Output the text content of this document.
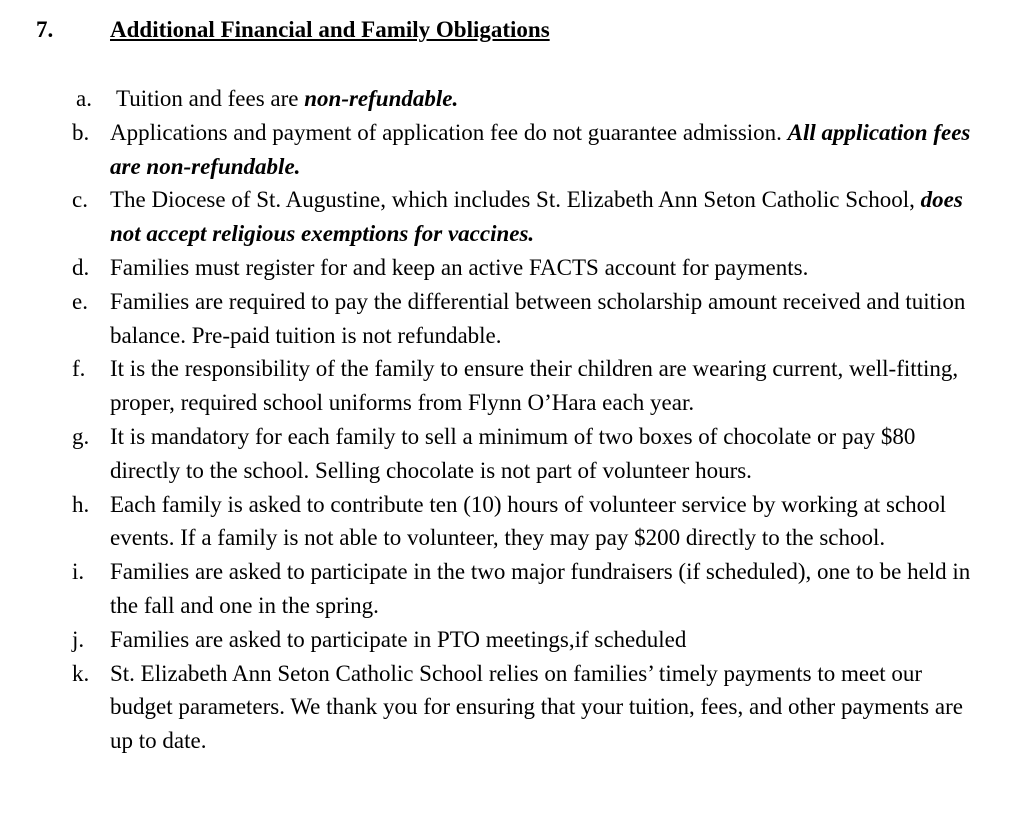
7. Additional Financial and Family Obligations
a. Tuition and fees are non-refundable.
b. Applications and payment of application fee do not guarantee admission. All application fees are non-refundable.
c. The Diocese of St. Augustine, which includes St. Elizabeth Ann Seton Catholic School, does not accept religious exemptions for vaccines.
d. Families must register for and keep an active FACTS account for payments.
e. Families are required to pay the differential between scholarship amount received and tuition balance. Pre-paid tuition is not refundable.
f. It is the responsibility of the family to ensure their children are wearing current, well-fitting, proper, required school uniforms from Flynn O’Hara each year.
g. It is mandatory for each family to sell a minimum of two boxes of chocolate or pay $80 directly to the school. Selling chocolate is not part of volunteer hours.
h. Each family is asked to contribute ten (10) hours of volunteer service by working at school events. If a family is not able to volunteer, they may pay $200 directly to the school.
i. Families are asked to participate in the two major fundraisers (if scheduled), one to be held in the fall and one in the spring.
j. Families are asked to participate in PTO meetings,if scheduled
k. St. Elizabeth Ann Seton Catholic School relies on families’ timely payments to meet our budget parameters. We thank you for ensuring that your tuition, fees, and other payments are up to date.
